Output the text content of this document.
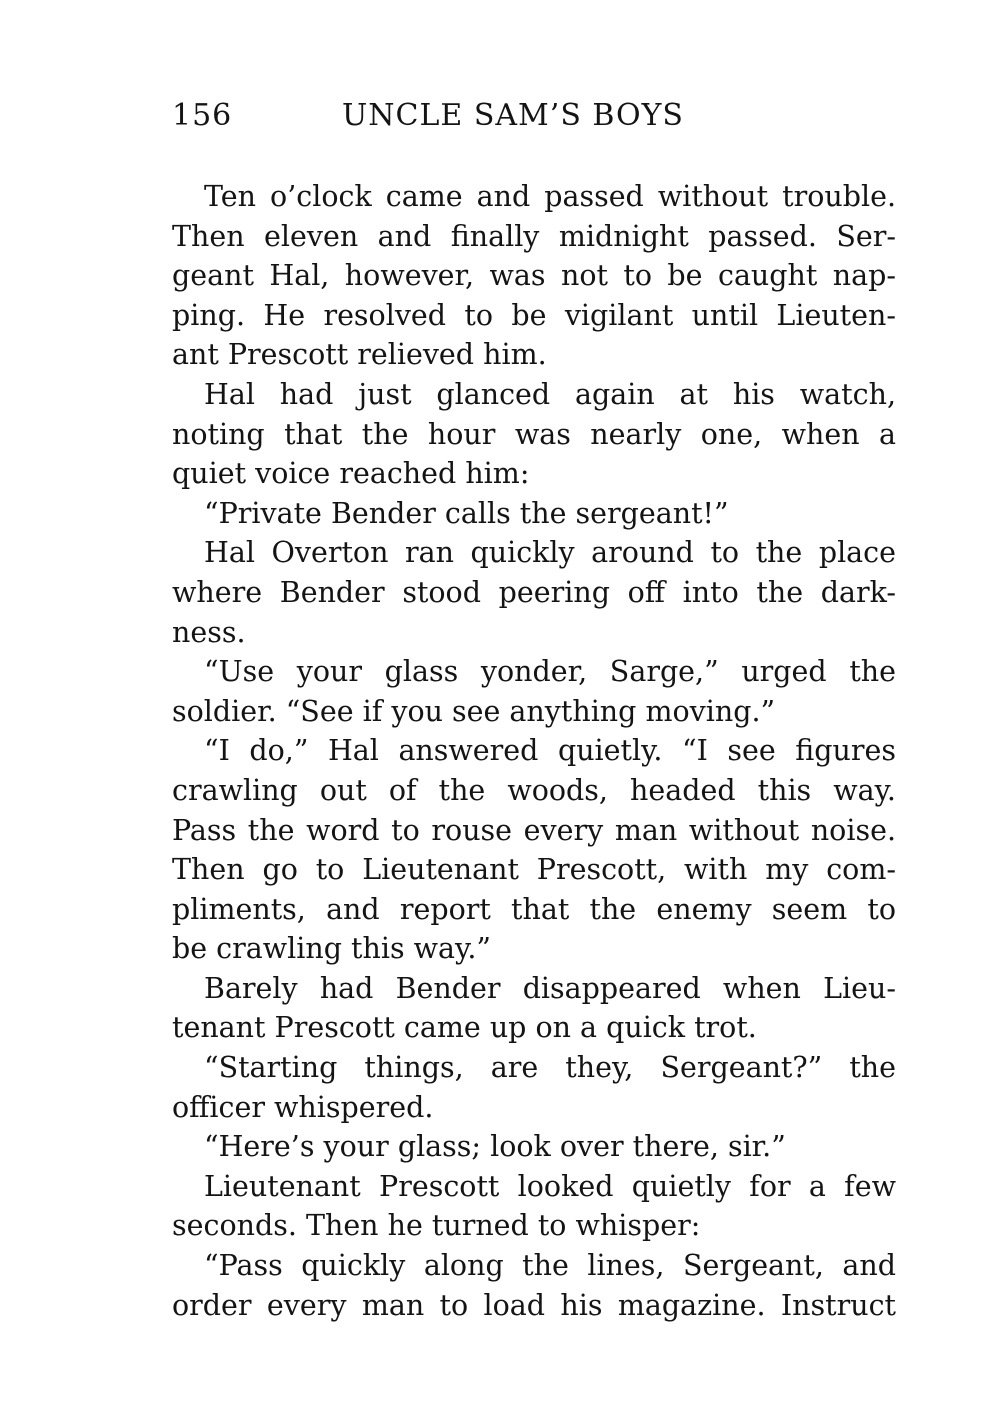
156	UNCLE SAM’S BOYS
Ten o’clock came and passed without trouble.
Then eleven and finally midnight passed. Ser-
geant Hal, however, was not to be caught nap-
ping. He resolved to be vigilant until Lieuten-
ant Prescott relieved him.
Hal had just glanced again at his watch,
noting that the hour was nearly one, when a
quiet voice reached him:
“Private Bender calls the sergeant!”
Hal Overton ran quickly around to the place
where Bender stood peering off into the dark-
ness.
“Use your glass yonder, Sarge,” urged the
soldier. “See if you see anything moving.”
“I do,” Hal answered quietly. “I see figures
crawling out of the woods, headed this way.
Pass the word to rouse every man without noise.
Then go to Lieutenant Prescott, with my com-
pliments, and report that the enemy seem to
be crawling this way.”
Barely had Bender disappeared when Lieu-
tenant Prescott came up on a quick trot.
“Starting things, are they, Sergeant?” the
officer whispered.
“Here’s your glass; look over there, sir.”
Lieutenant Prescott looked quietly for a few
seconds. Then he turned to whisper:
“Pass quickly along the lines, Sergeant, and
order every man to load his magazine. Instruct
